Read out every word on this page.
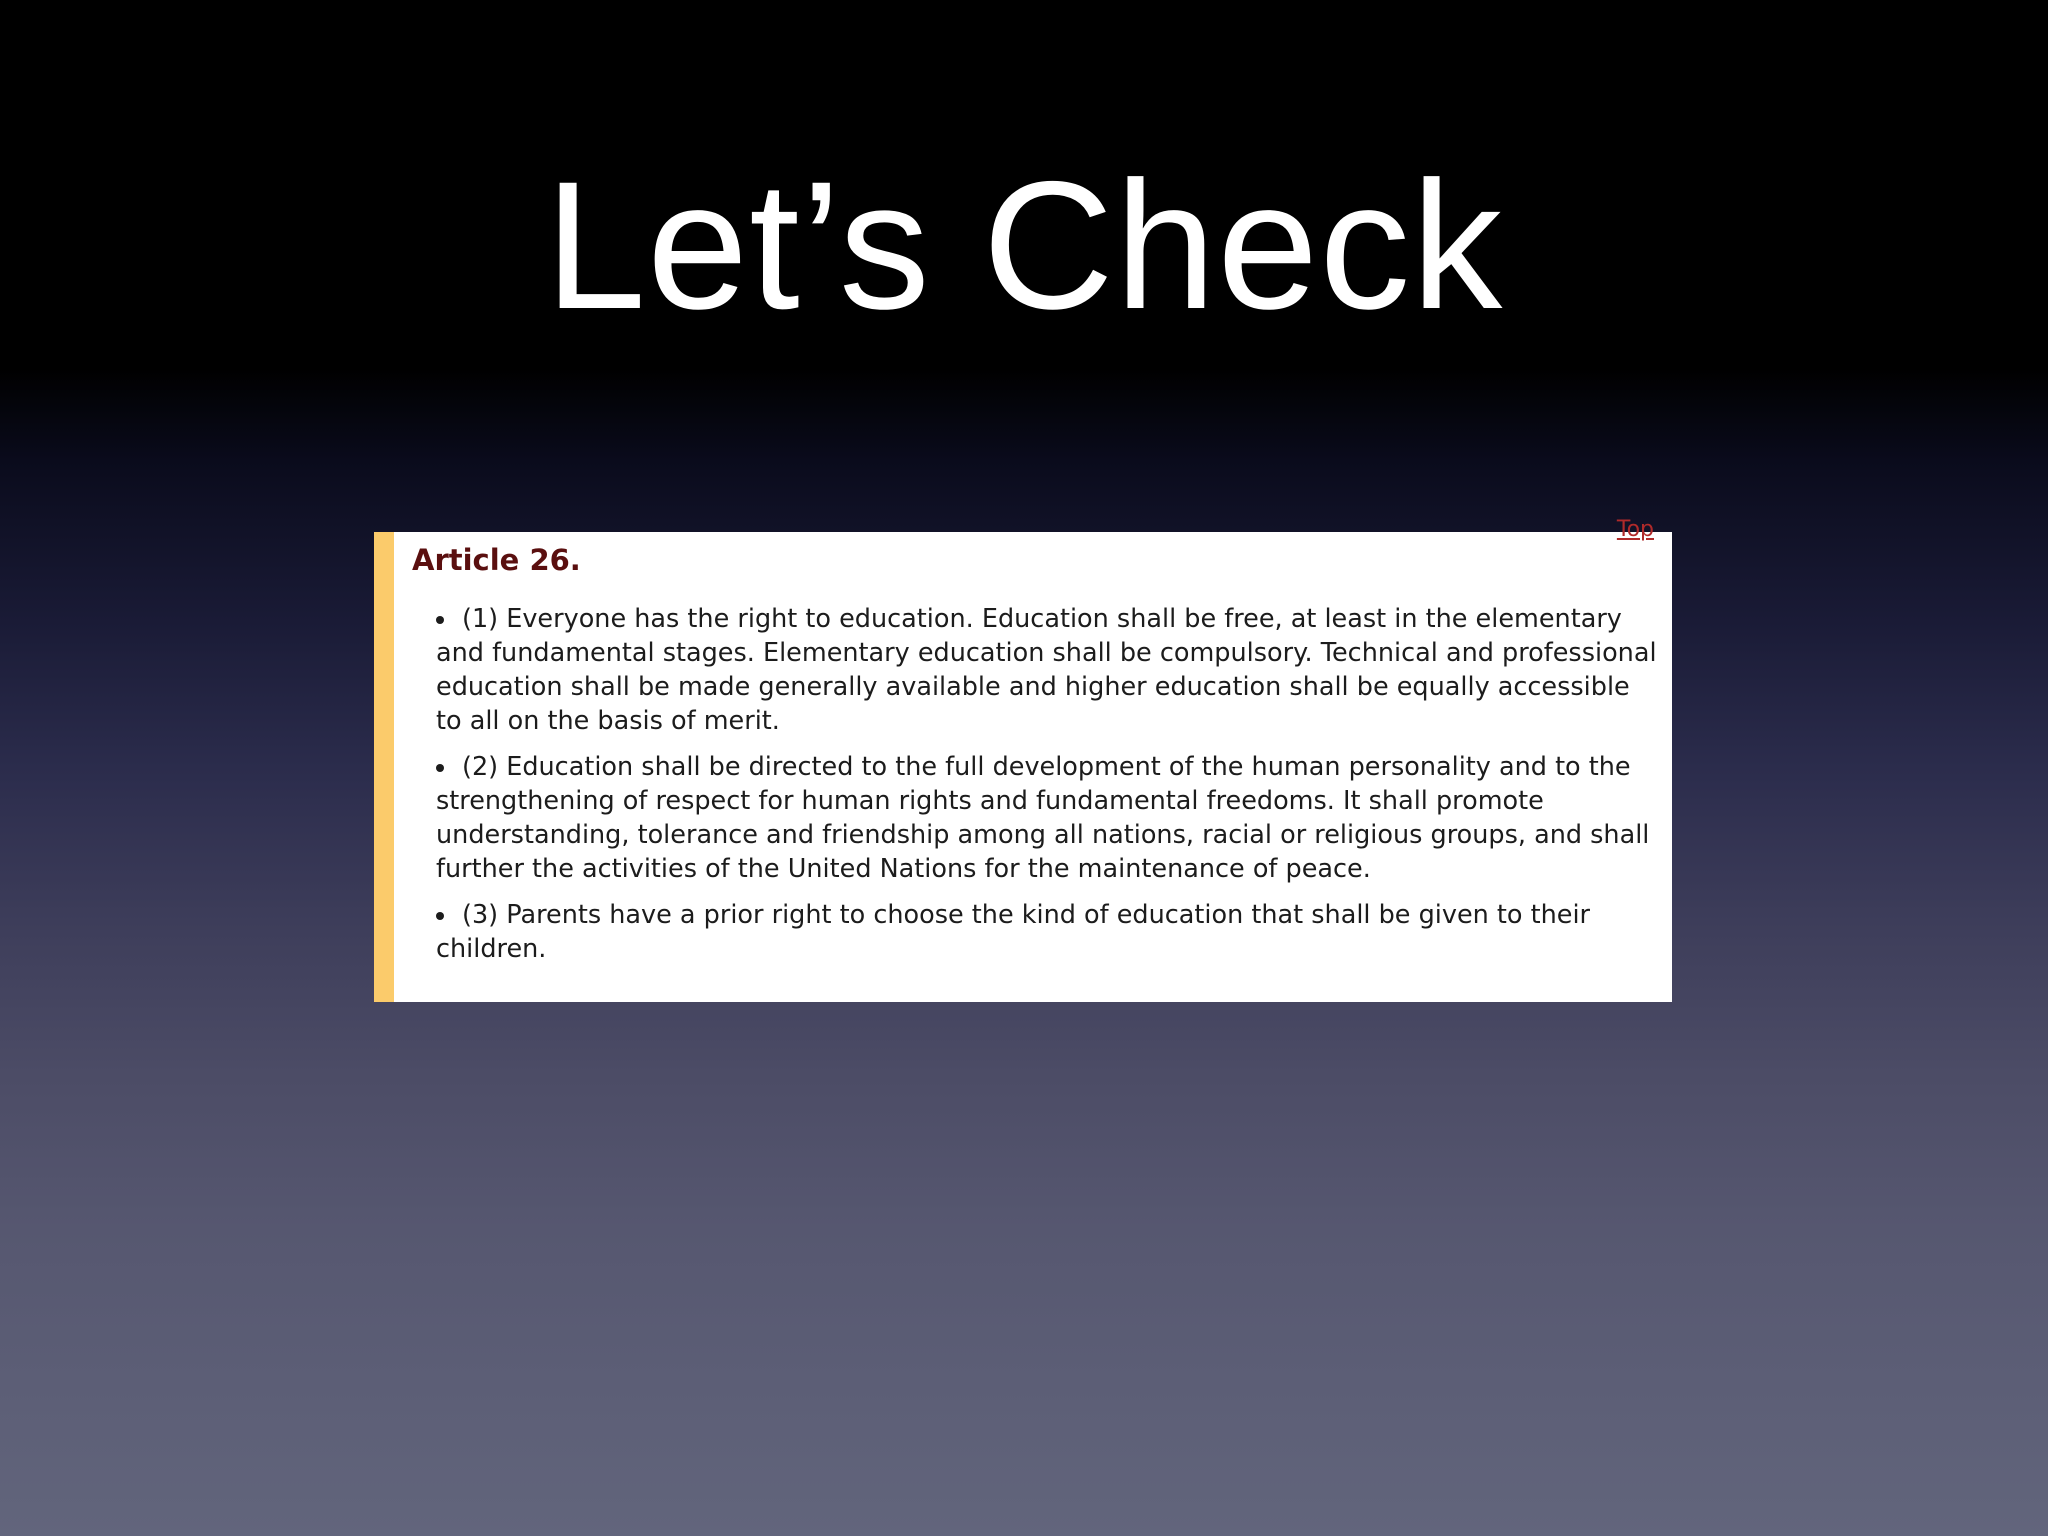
Let’s Check
Top
Article 26.
(1) Everyone has the right to education. Education shall be free, at least in the elementary and fundamental stages. Elementary education shall be compulsory. Technical and professional education shall be made generally available and higher education shall be equally accessible to all on the basis of merit.
(2) Education shall be directed to the full development of the human personality and to the strengthening of respect for human rights and fundamental freedoms. It shall promote understanding, tolerance and friendship among all nations, racial or religious groups, and shall further the activities of the United Nations for the maintenance of peace.
(3) Parents have a prior right to choose the kind of education that shall be given to their children.
